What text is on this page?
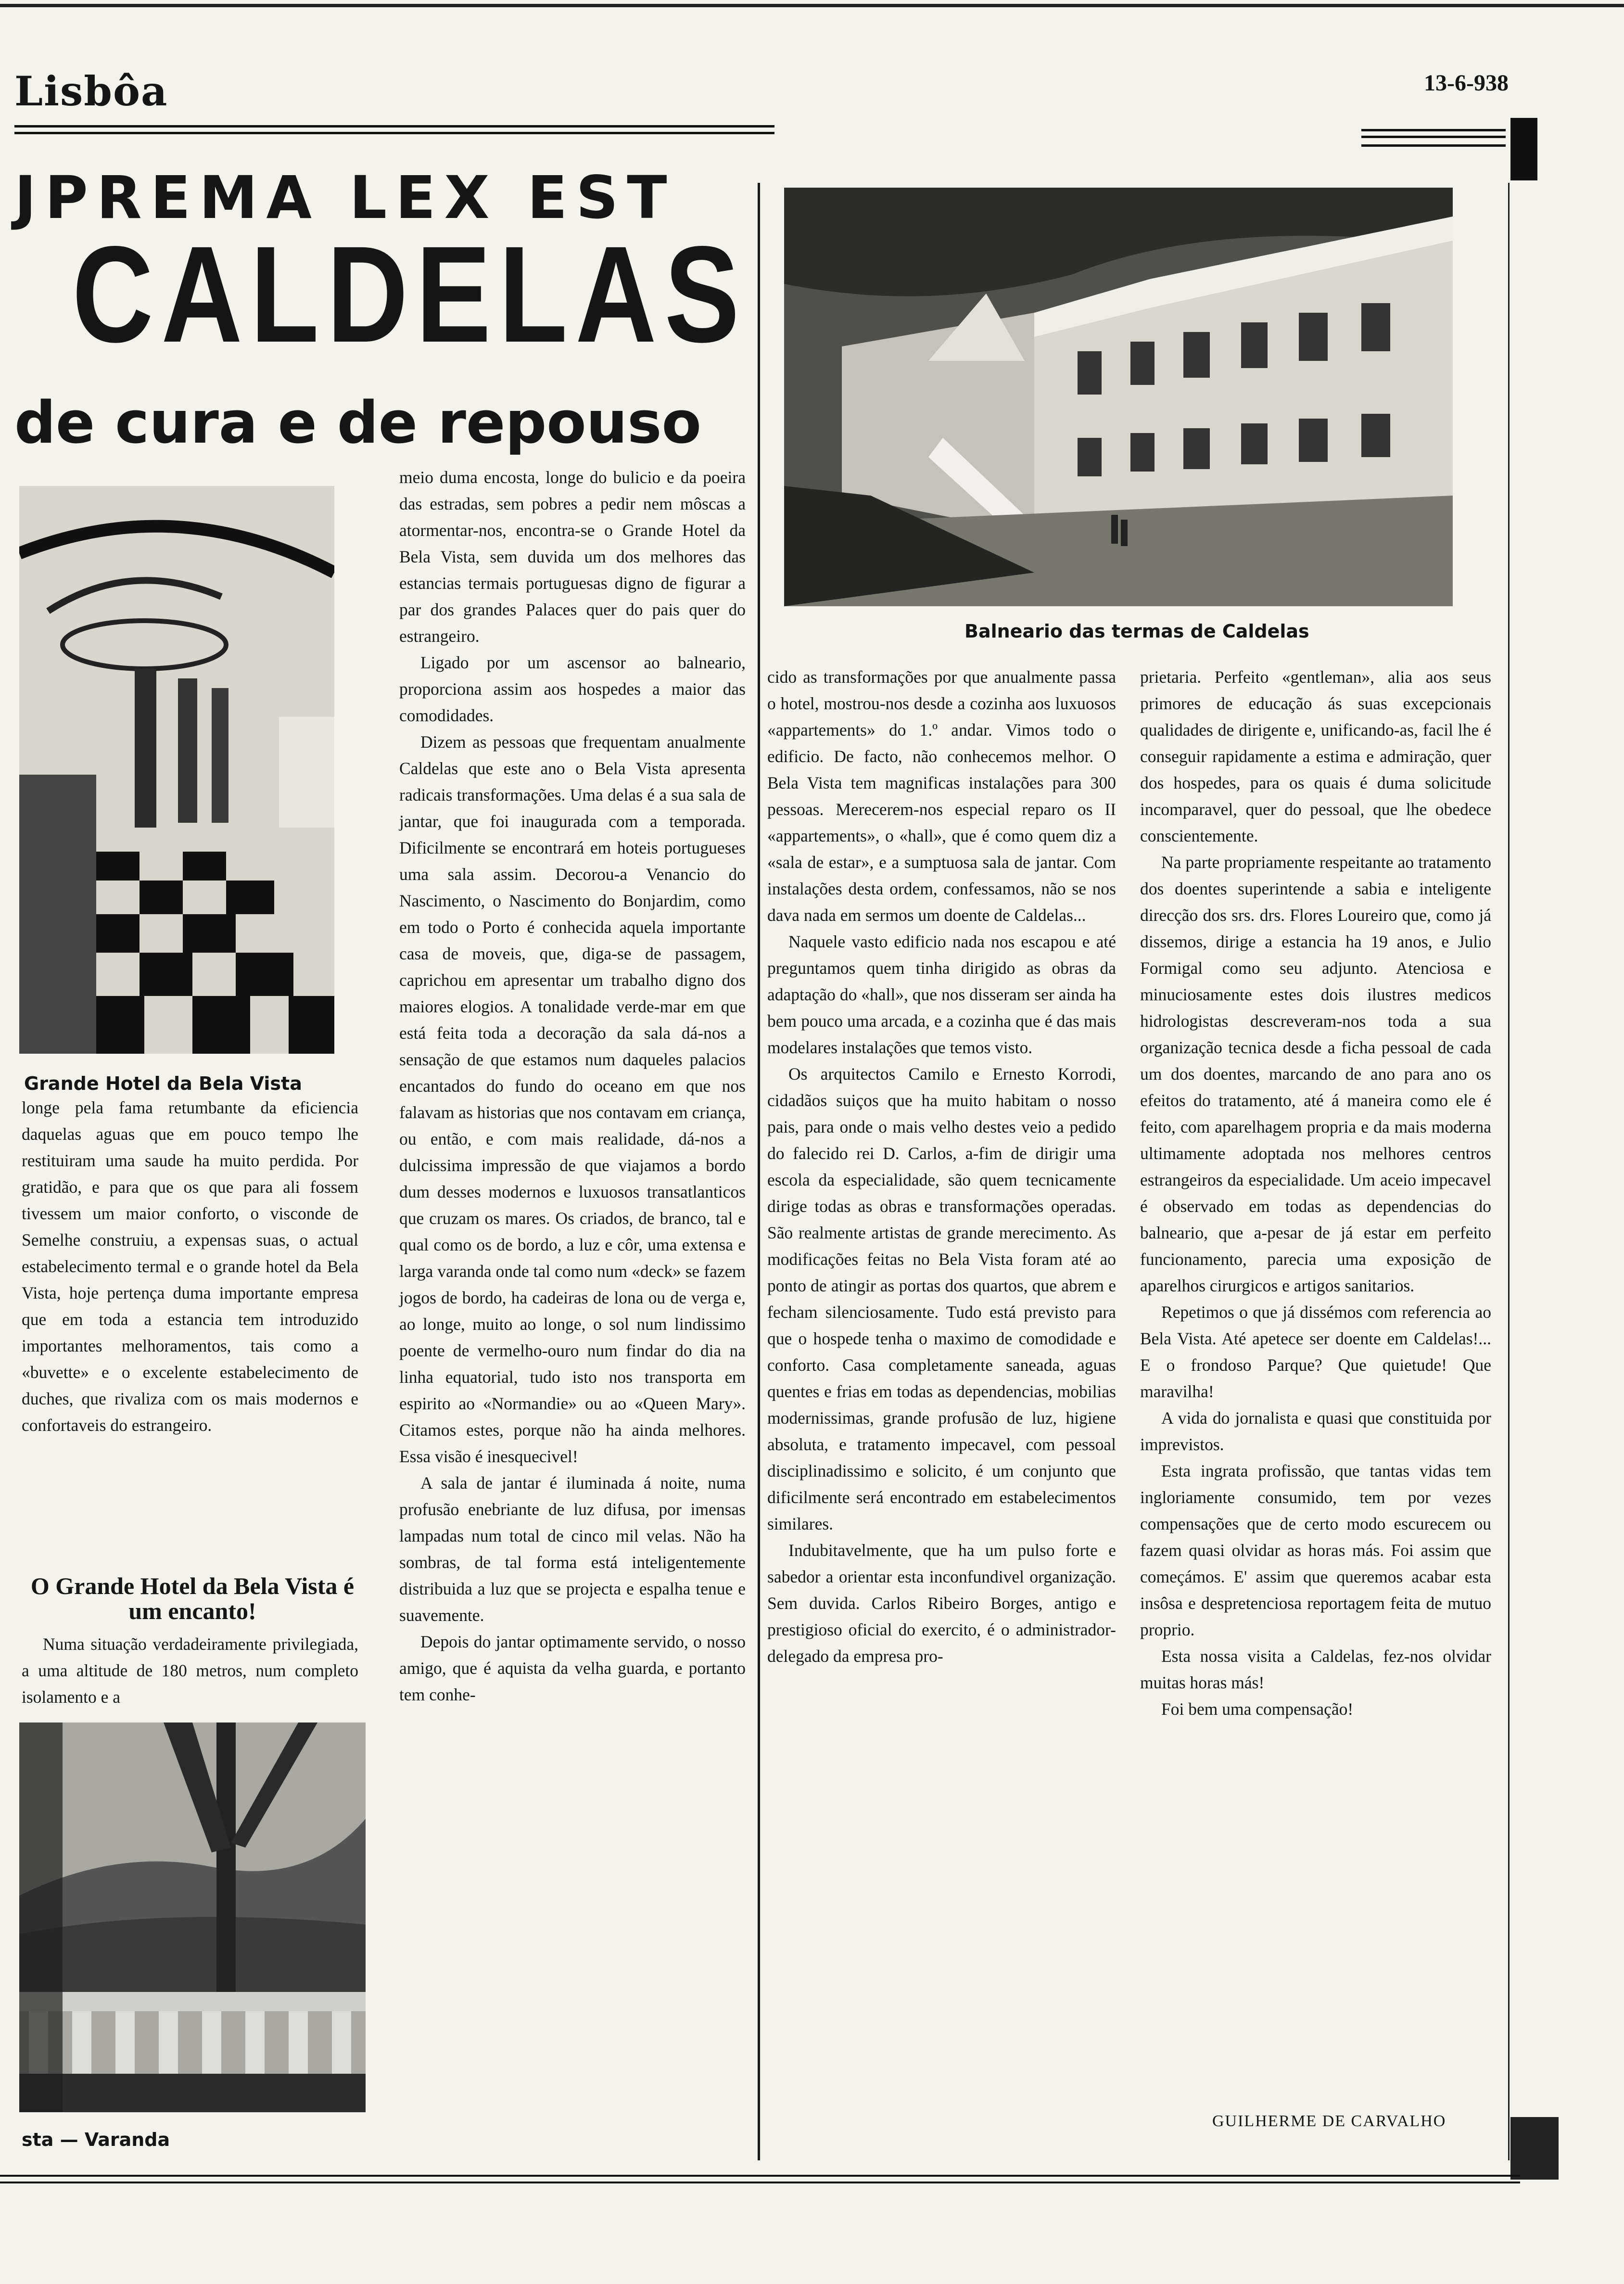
Lisbôa	13-6-938
JPREMA LEX EST
CALDELAS
de cura e de repouso
Grande Hotel da Bela Vista

longe pela fama retumbante da eficiencia daquelas aguas que em pouco tempo lhe restituiram uma saude ha muito perdida. Por gratidão, e para que os que para ali fossem tivessem um maior conforto, o visconde de Semelhe construiu, a expensas suas, o actual estabelecimento termal e o grande hotel da Bela Vista, hoje pertença duma importante empresa que em toda a estancia tem introduzido importantes melhoramentos, tais como a «buvette» e o excelente estabelecimento de duches, que rivaliza com os mais modernos e confortaveis do estrangeiro.

O Grande Hotel da Bela Vista é um encanto!

Numa situação verdadeiramente privilegiada, a uma altitude de 180 metros, num completo isolamento e a

sta — Varanda

meio duma encosta, longe do bulicio e da poeira das estradas, sem pobres a pedir nem môscas a atormentar-nos, encontra-se o Grande Hotel da Bela Vista, sem duvida um dos melhores das estancias termais portuguesas digno de figurar a par dos grandes Palaces quer do pais quer do estrangeiro.

Ligado por um ascensor ao balneario, proporciona assim aos hospedes a maior das comodidades.

Dizem as pessoas que frequentam anualmente Caldelas que este ano o Bela Vista apresenta radicais transformações. Uma delas é a sua sala de jantar, que foi inaugurada com a temporada. Dificilmente se encontrará em hoteis portugueses uma sala assim. Decorou-a Venancio do Nascimento, o Nascimento do Bonjardim, como em todo o Porto é conhecida aquela importante casa de moveis, que, diga-se de passagem, caprichou em apresentar um trabalho digno dos maiores elogios. A tonalidade verde-mar em que está feita toda a decoração da sala dá-nos a sensação de que estamos num daqueles palacios encantados do fundo do oceano em que nos falavam as historias que nos contavam em criança, ou então, e com mais realidade, dá-nos a dulcissima impressão de que viajamos a bordo dum desses modernos e luxuosos transatlanticos que cruzam os mares. Os criados, de branco, tal e qual como os de bordo, a luz e côr, uma extensa e larga varanda onde tal como num «deck» se fazem jogos de bordo, ha cadeiras de lona ou de verga e, ao longe, muito ao longe, o sol num lindissimo poente de vermelho-ouro num findar do dia na linha equatorial, tudo isto nos transporta em espirito ao «Normandie» ou ao «Queen Mary». Citamos estes, porque não ha ainda melhores. Essa visão é inesquecivel!

A sala de jantar é iluminada á noite, numa profusão enebriante de luz difusa, por imensas lampadas num total de cinco mil velas. Não ha sombras, de tal forma está inteligentemente distribuida a luz que se projecta e espalha tenue e suavemente.

Depois do jantar optimamente servido, o nosso amigo, que é aquista da velha guarda, e portanto tem conhe-

Balneario das termas de Caldelas

cido as transformações por que anualmente passa o hotel, mostrou-nos desde a cozinha aos luxuosos «appartements» do 1.º andar. Vimos todo o edificio. De facto, não conhecemos melhor. O Bela Vista tem magnificas instalações para 300 pessoas. Merecerem-nos especial reparo os II «appartements», o «hall», que é como quem diz a «sala de estar», e a sumptuosa sala de jantar. Com instalações desta ordem, confessamos, não se nos dava nada em sermos um doente de Caldelas...

Naquele vasto edificio nada nos escapou e até preguntamos quem tinha dirigido as obras da adaptação do «hall», que nos disseram ser ainda ha bem pouco uma arcada, e a cozinha que é das mais modelares instalações que temos visto.

Os arquitectos Camilo e Ernesto Korrodi, cidadãos suiços que ha muito habitam o nosso pais, para onde o mais velho destes veio a pedido do falecido rei D. Carlos, a-fim de dirigir uma escola da especialidade, são quem tecnicamente dirige todas as obras e transformações operadas. São realmente artistas de grande merecimento. As modificações feitas no Bela Vista foram até ao ponto de atingir as portas dos quartos, que abrem e fecham silenciosamente. Tudo está previsto para que o hospede tenha o maximo de comodidade e conforto. Casa completamente saneada, aguas quentes e frias em todas as dependencias, mobilias modernissimas, grande profusão de luz, higiene absoluta, e tratamento impecavel, com pessoal disciplinadissimo e solicito, é um conjunto que dificilmente será encontrado em estabelecimentos similares.

Indubitavelmente, que ha um pulso forte e sabedor a orientar esta inconfundivel organização. Sem duvida. Carlos Ribeiro Borges, antigo e prestigioso oficial do exercito, é o administrador-delegado da empresa pro-

prietaria. Perfeito «gentleman», alia aos seus primores de educação ás suas excepcionais qualidades de dirigente e, unificando-as, facil lhe é conseguir rapidamente a estima e admiração, quer dos hospedes, para os quais é duma solicitude incomparavel, quer do pessoal, que lhe obedece conscientemente.

Na parte propriamente respeitante ao tratamento dos doentes superintende a sabia e inteligente direcção dos srs. drs. Flores Loureiro que, como já dissemos, dirige a estancia ha 19 anos, e Julio Formigal como seu adjunto. Atenciosa e minuciosamente estes dois ilustres medicos hidrologistas descreveram-nos toda a sua organização tecnica desde a ficha pessoal de cada um dos doentes, marcando de ano para ano os efeitos do tratamento, até á maneira como ele é feito, com aparelhagem propria e da mais moderna ultimamente adoptada nos melhores centros estrangeiros da especialidade. Um aceio impecavel é observado em todas as dependencias do balneario, que a-pesar de já estar em perfeito funcionamento, parecia uma exposição de aparelhos cirurgicos e artigos sanitarios.

Repetimos o que já dissémos com referencia ao Bela Vista. Até apetece ser doente em Caldelas!... E o frondoso Parque? Que quietude! Que maravilha!

A vida do jornalista e quasi que constituida por imprevistos.

Esta ingrata profissão, que tantas vidas tem ingloriamente consumido, tem por vezes compensações que de certo modo escurecem ou fazem quasi olvidar as horas más. Foi assim que começámos. E' assim que queremos acabar esta insôsa e despretenciosa reportagem feita de mutuo proprio.

Esta nossa visita a Caldelas, fez-nos olvidar muitas horas más!

Foi bem uma compensação!

GUILHERME DE CARVALHO
